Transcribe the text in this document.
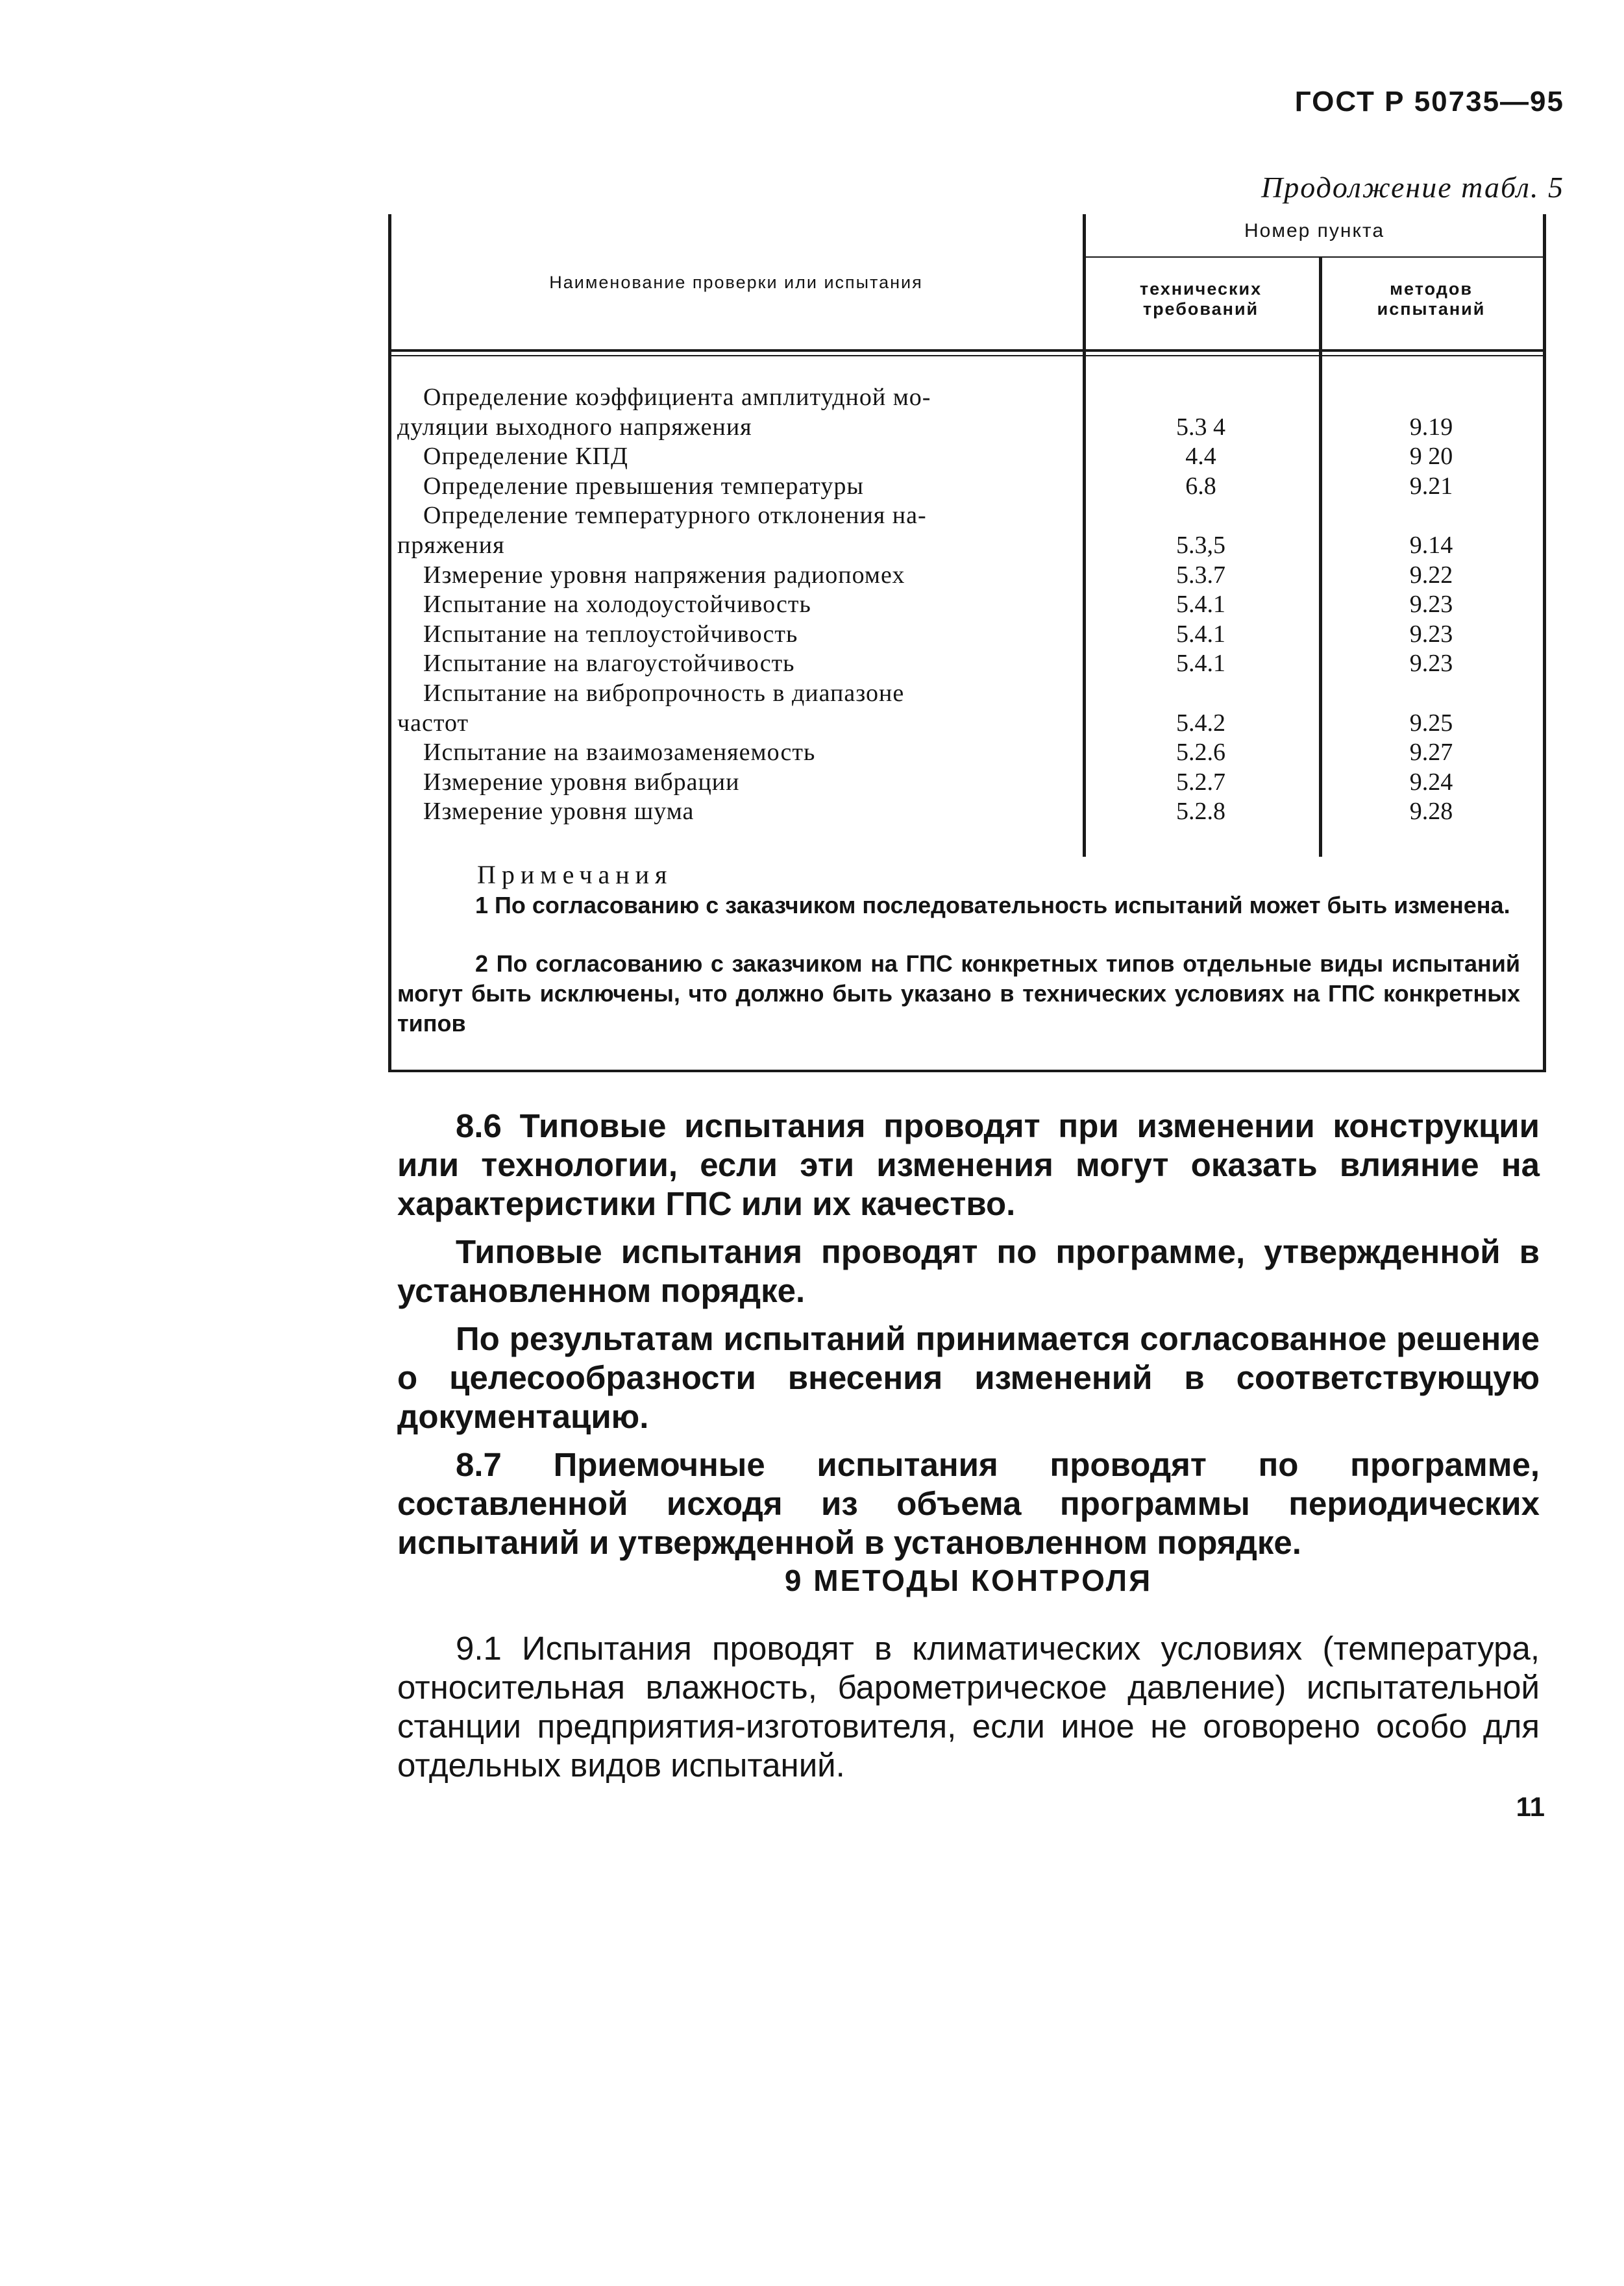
ГОСТ Р 50735—95
Продолжение табл. 5
Наименование проверки или испытания
Номер пункта
технических требований
методов испытаний
Определение коэффициента амплитудной мо-
дуляции выходного напряжения
Определение КПД
Определение превышения температуры
Определение температурного отклонения на-
пряжения
Измерение уровня напряжения радиопомех
Испытание на холодоустойчивость
Испытание на теплоустойчивость
Испытание на влагоустойчивость
Испытание на вибропрочность в диапазоне
частот
Испытание на взаимозаменяемость
Измерение уровня вибрации
Измерение уровня шума
5.3 4
4.4
6.8
5.3,5
5.3.7
5.4.1
5.4.1
5.4.1
5.4.2
5.2.6
5.2.7
5.2.8
9.19
9 20
9.21
9.14
9.22
9.23
9.23
9.23
9.25
9.27
9.24
9.28
Примечания
1 По согласованию с заказчиком последовательность испытаний может быть изменена.
2 По согласованию с заказчиком на ГПС конкретных типов отдельные виды испытаний могут быть исключены, что должно быть указано в технических условиях на ГПС конкретных типов

8.6 Типовые испытания проводят при изменении конструкции или технологии, если эти изменения могут оказать влияние на характеристики ГПС или их качество.

Типовые испытания проводят по программе, утвержденной в установленном порядке.

По результатам испытаний принимается согласованное решение о целесообразности внесения изменений в соответствующую документацию.

8.7 Приемочные испытания проводят по программе, составленной исходя из объема программы периодических испытаний и утвержденной в установленном порядке.

9 МЕТОДЫ КОНТРОЛЯ

9.1 Испытания проводят в климатических условиях (температура, относительная влажность, барометрическое давление) испытательной станции предприятия-изготовителя, если иное не оговорено особо для отдельных видов испытаний.

11
